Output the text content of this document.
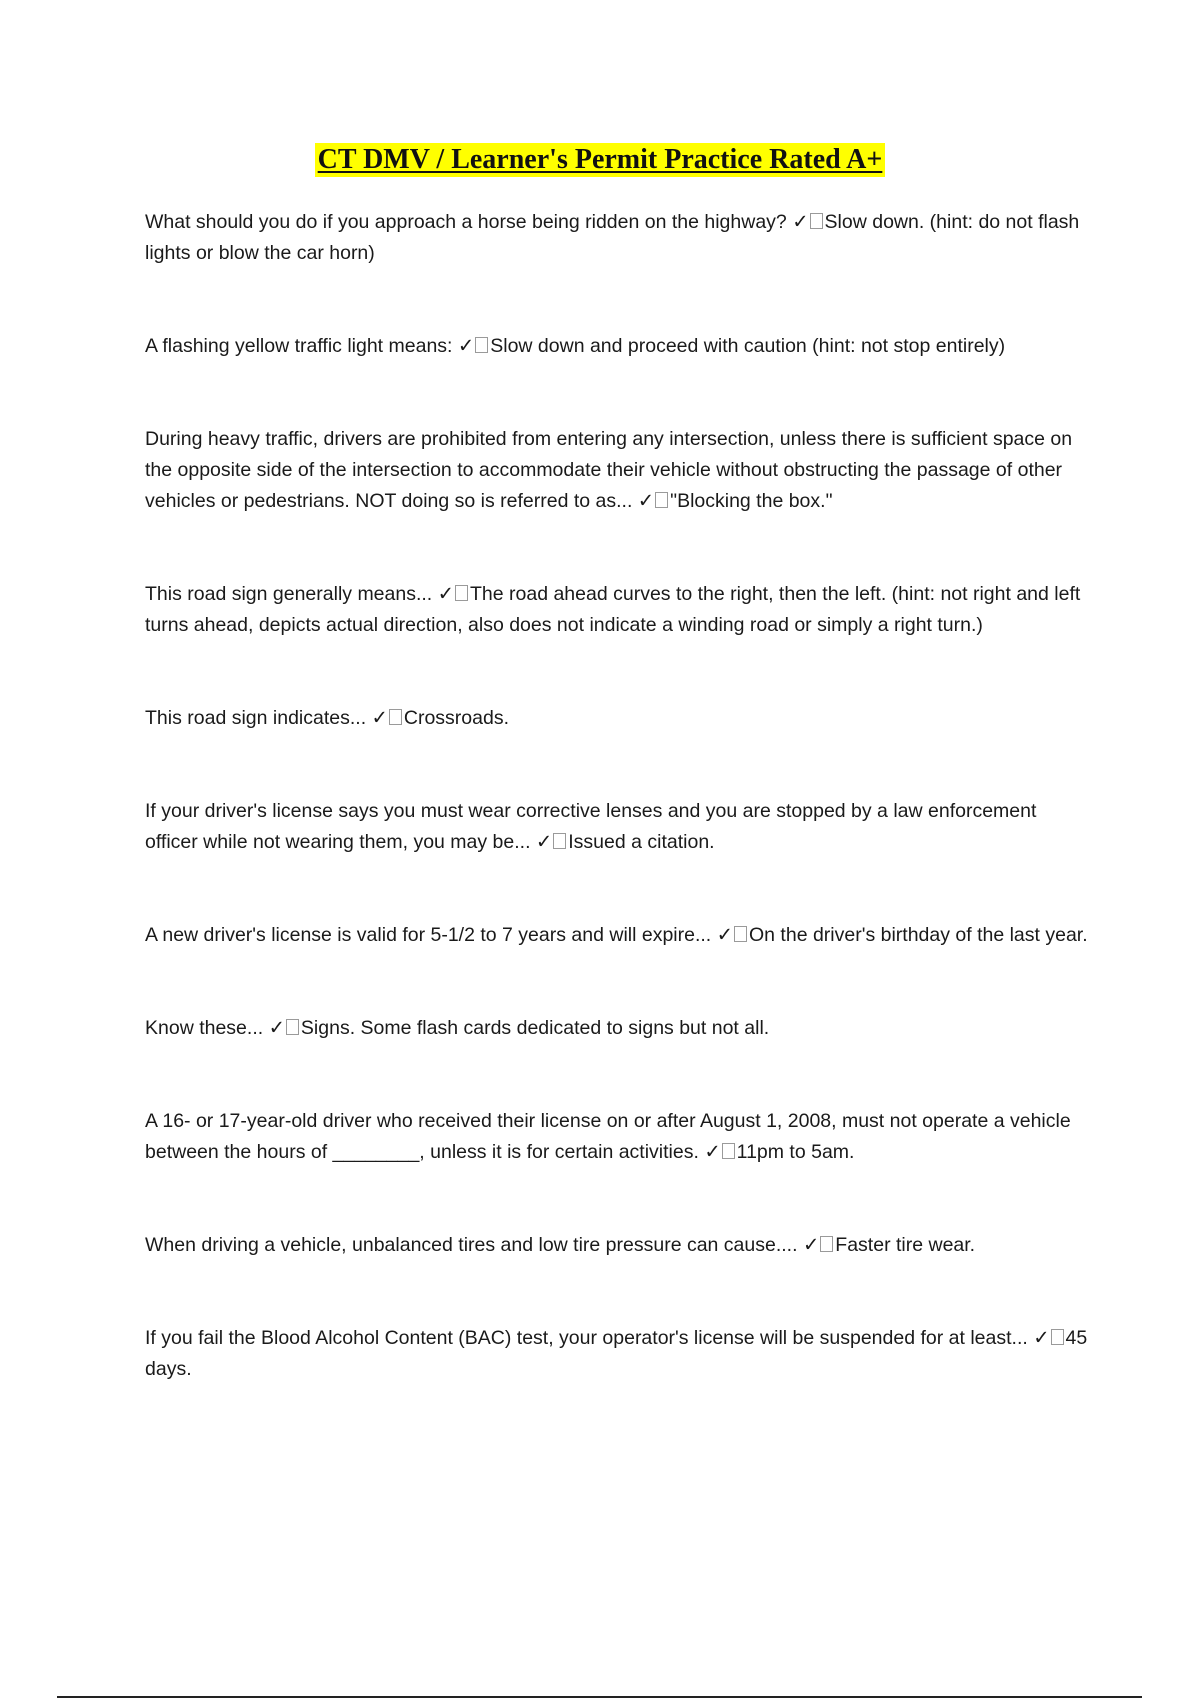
CT DMV / Learner's Permit Practice Rated A+

What should you do if you approach a horse being ridden on the highway? ✓ Slow down. (hint: do not flash lights or blow the car horn)

A flashing yellow traffic light means: ✓ Slow down and proceed with caution (hint: not stop entirely)

During heavy traffic, drivers are prohibited from entering any intersection, unless there is sufficient space on the opposite side of the intersection to accommodate their vehicle without obstructing the passage of other vehicles or pedestrians. NOT doing so is referred to as... ✓ "Blocking the box."

This road sign generally means... ✓ The road ahead curves to the right, then the left. (hint: not right and left turns ahead, depicts actual direction, also does not indicate a winding road or simply a right turn.)

This road sign indicates... ✓ Crossroads.

If your driver's license says you must wear corrective lenses and you are stopped by a law enforcement officer while not wearing them, you may be... ✓ Issued a citation.

A new driver's license is valid for 5-1/2 to 7 years and will expire... ✓ On the driver's birthday of the last year.

Know these... ✓ Signs. Some flash cards dedicated to signs but not all.

A 16- or 17-year-old driver who received their license on or after August 1, 2008, must not operate a vehicle between the hours of ________, unless it is for certain activities. ✓ 11pm to 5am.

When driving a vehicle, unbalanced tires and low tire pressure can cause.... ✓ Faster tire wear.

If you fail the Blood Alcohol Content (BAC) test, your operator's license will be suspended for at least... ✓ 45 days.
